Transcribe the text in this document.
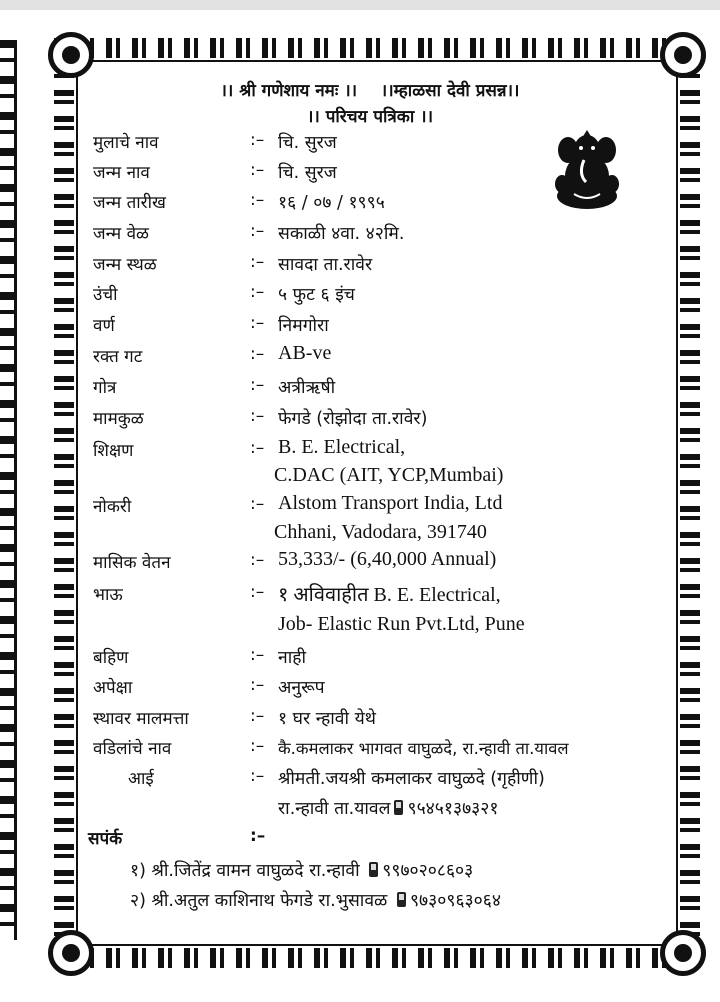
।। श्री गणेशाय नमः ।।    ।।म्हाळसा देवी प्रसन्न।।
।। परिचय पत्रिका ।।
मुलाचे नाव	:– चि. सुरज
जन्म नाव	:– चि. सुरज
जन्म तारीख	:– १६ / ०७ / १९९५
जन्म वेळ	:– सकाळी ४वा. ४२मि.
जन्म स्थळ	:– सावदा ता.रावेर
उंची	:– ५ फुट ६ इंच
वर्ण	:– निमगोरा
रक्त गट	:– AB-ve
गोत्र	:– अत्रीऋषी
मामकुळ	:– फेगडे (रोझोदा ता.रावेर)
शिक्षण	:– B. E. Electrical,
C.DAC (AIT, YCP,Mumbai)
नोकरी	:– Alstom Transport India, Ltd
Chhani, Vadodara, 391740
मासिक वेतन	:– 53,333/- (6,40,000 Annual)
भाऊ	:– १ अविवाहीत B. E. Electrical,
Job- Elastic Run Pvt.Ltd, Pune
बहिण	:– नाही
अपेक्षा	:– अनुरूप
स्थावर मालमत्ता	:– १ घर न्हावी येथे
वडिलांचे नाव	:– कै.कमलाकर भागवत वाघुळदे, रा.न्हावी ता.यावल
आई	:– श्रीमती.जयश्री कमलाकर वाघुळदे (गृहीणी)
रा.न्हावी ता.यावल ९५४५१३७३२१
सपंर्क	:–
१) श्री.जितेंद्र वामन वाघुळदे रा.न्हावी ९९७०२०८६०३
२) श्री.अतुल काशिनाथ फेगडे रा.भुसावळ ९७३०९६३०६४
